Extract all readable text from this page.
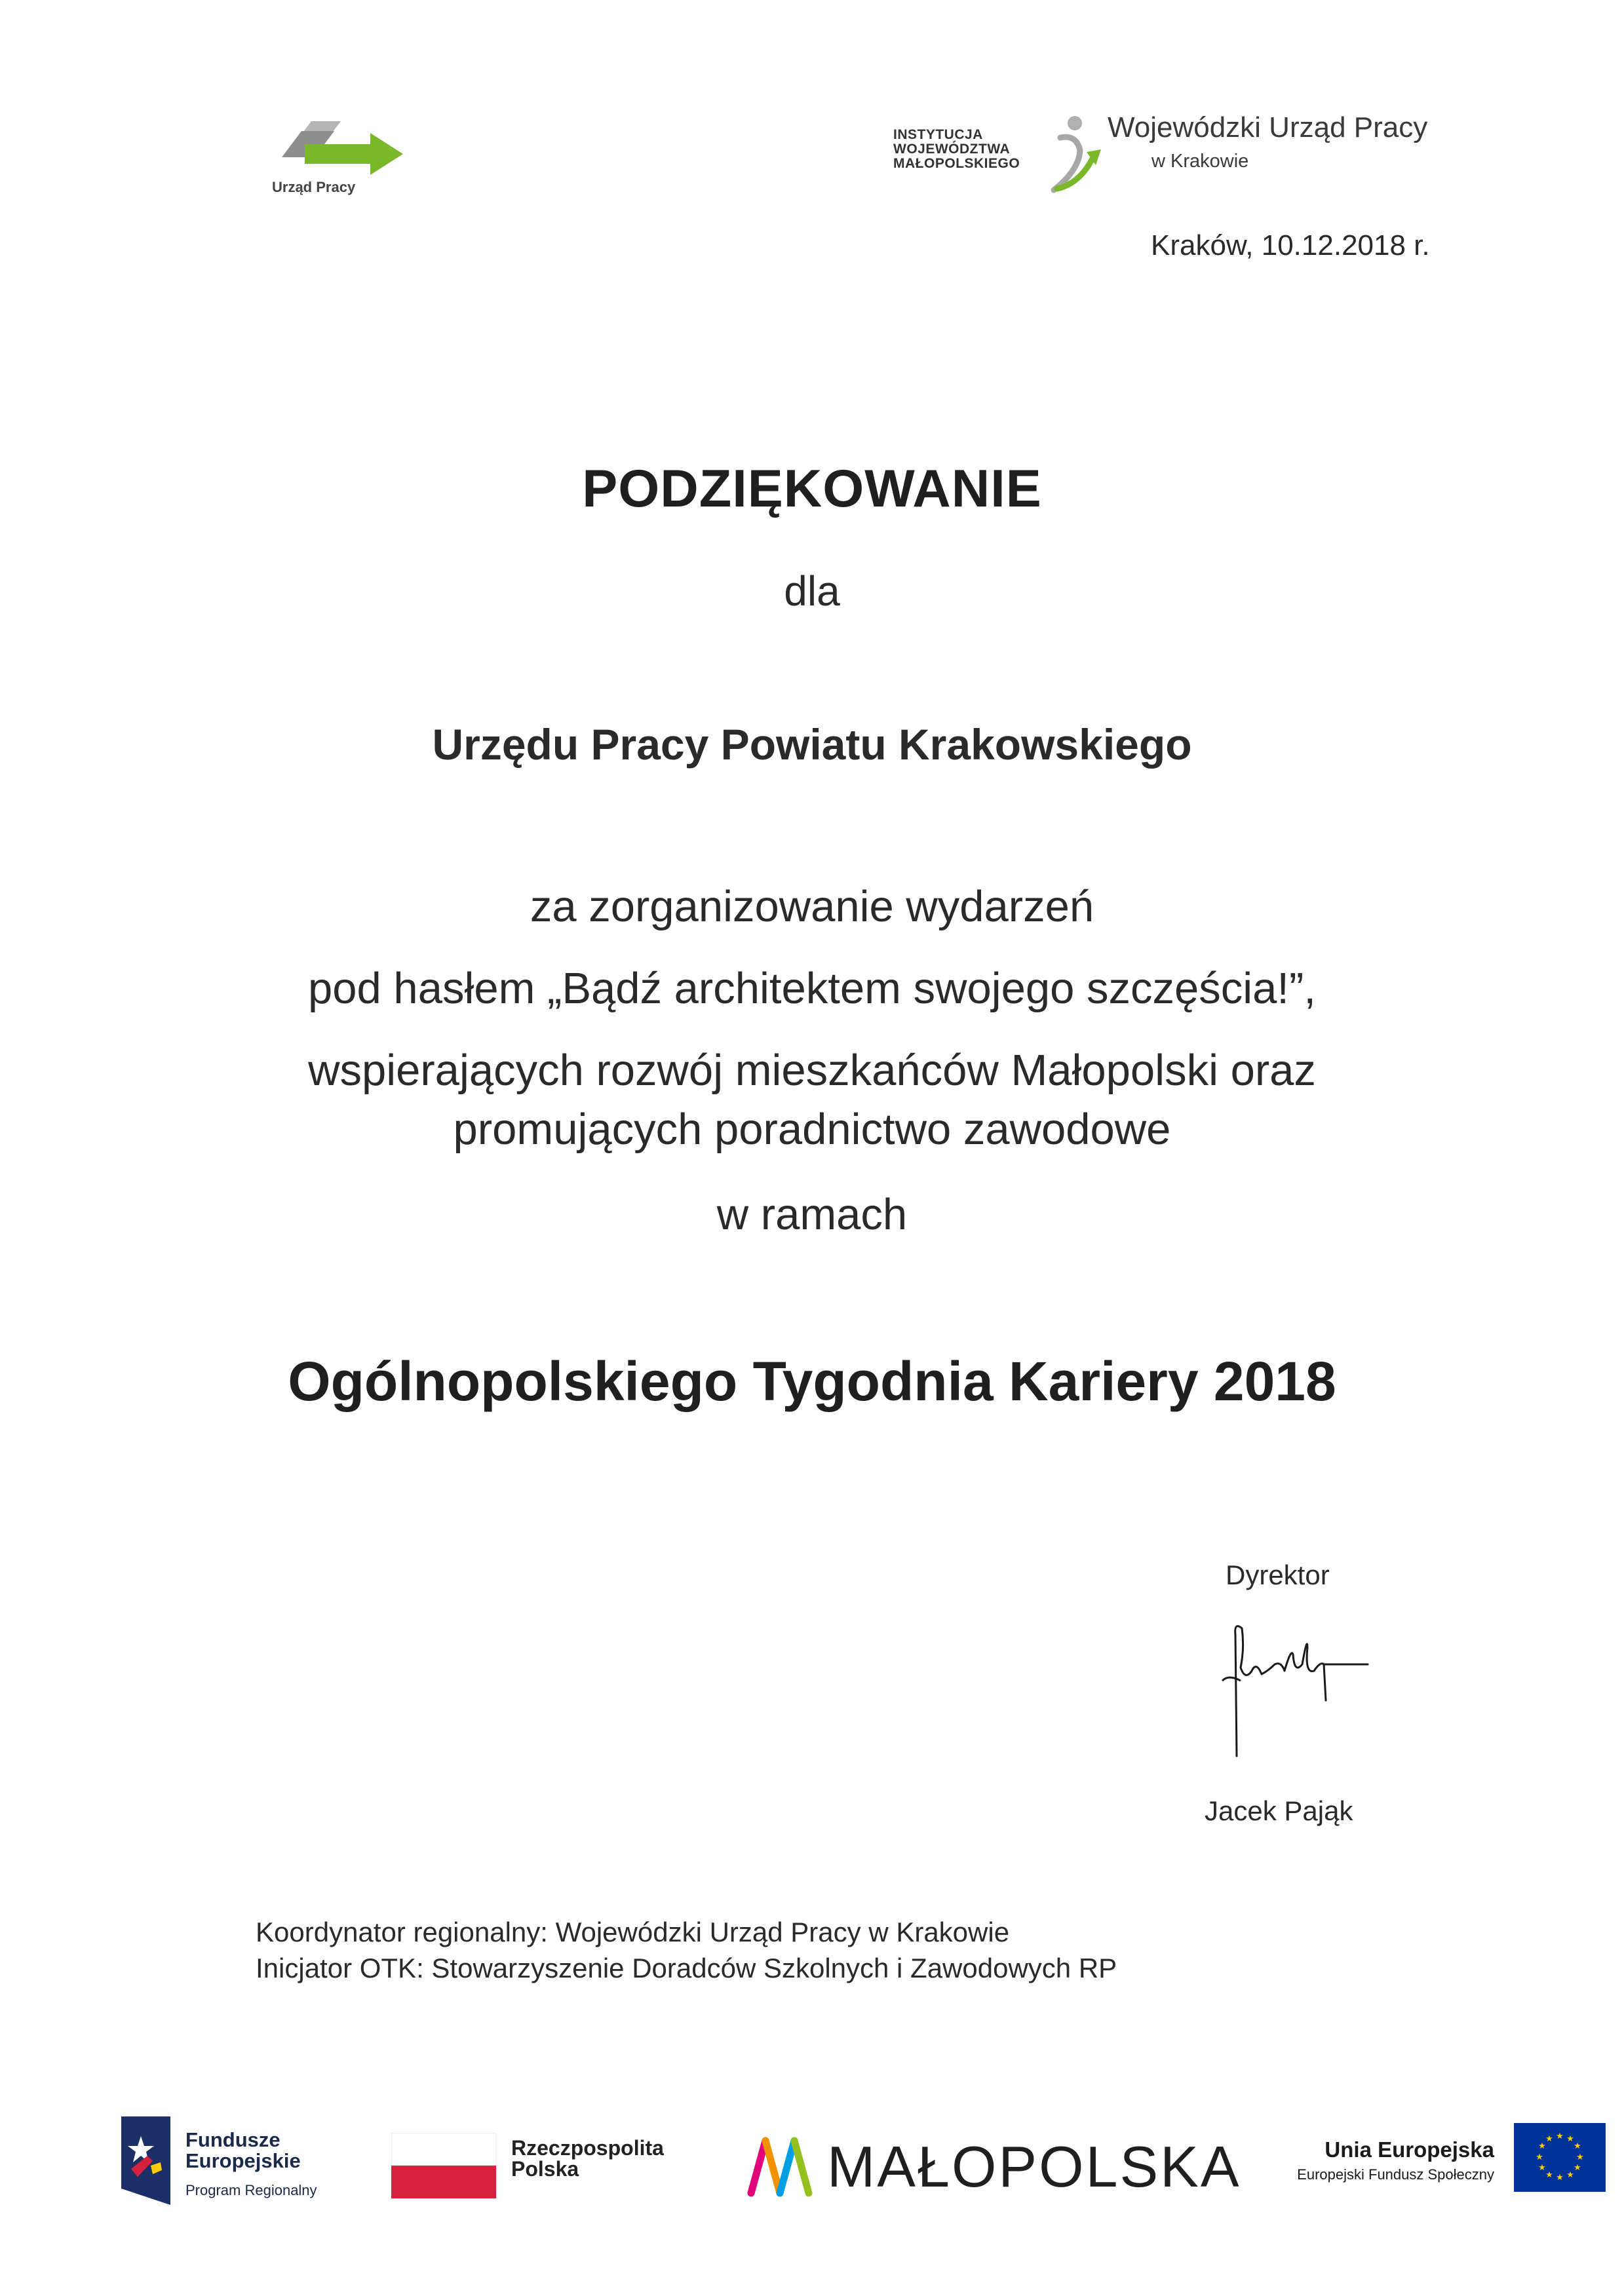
Urząd Pracy
INSTYTUCJA
WOJEWÓDZTWA
MAŁOPOLSKIEGO
Wojewódzki Urząd Pracy
w Krakowie
Kraków, 10.12.2018 r.
PODZIĘKOWANIE
dla
Urzędu Pracy Powiatu Krakowskiego
za zorganizowanie wydarzeń
pod hasłem „Bądź architektem swojego szczęścia!”,
wspierających rozwój mieszkańców Małopolski oraz
promujących poradnictwo zawodowe
w ramach
Ogólnopolskiego Tygodnia Kariery 2018
Dyrektor
Jacek Pająk
Koordynator regionalny: Wojewódzki Urząd Pracy w Krakowie
Inicjator OTK: Stowarzyszenie Doradców Szkolnych i Zawodowych RP
Fundusze
Europejskie
Program Regionalny
Rzeczpospolita
Polska	MAŁOPOLSKA	Unia Europejska
Europejski Fundusz Społeczny
★ ★
★
★
★
★
★
★
★
★
★
★
